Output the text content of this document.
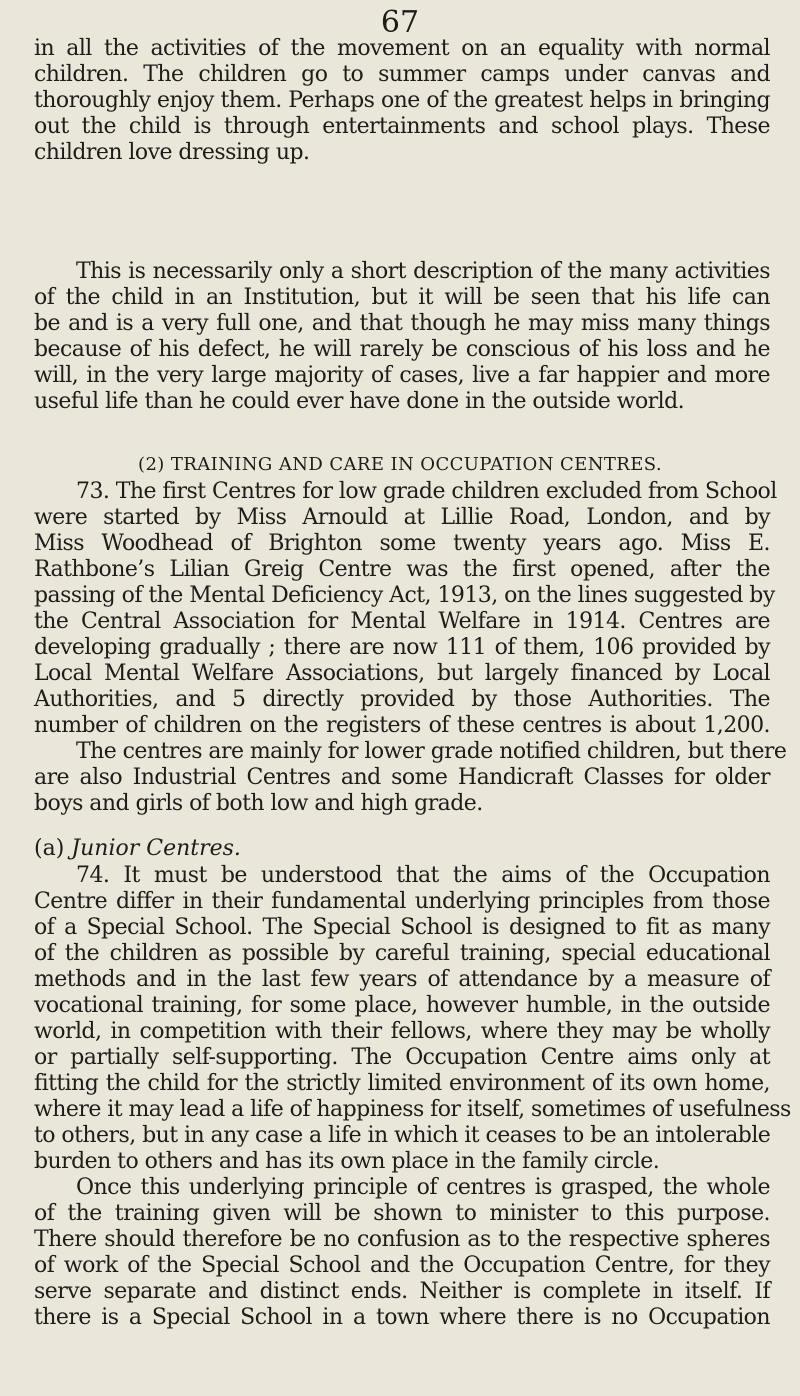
67
in all the activities of the movement on an equality with normal
children. The children go to summer camps under canvas and
thoroughly enjoy them. Perhaps one of the greatest helps in bringing
out the child is through entertainments and school plays. These
children love dressing up.
This is necessarily only a short description of the many activities
of the child in an Institution, but it will be seen that his life can
be and is a very full one, and that though he may miss many things
because of his defect, he will rarely be conscious of his loss and he
will, in the very large majority of cases, live a far happier and more
useful life than he could ever have done in the outside world.
(2) TRAINING AND CARE IN OCCUPATION CENTRES.
73. The first Centres for low grade children excluded from School
were started by Miss Arnould at Lillie Road, London, and by
Miss Woodhead of Brighton some twenty years ago. Miss E.
Rathbone’s Lilian Greig Centre was the first opened, after the
passing of the Mental Deficiency Act, 1913, on the lines suggested by
the Central Association for Mental Welfare in 1914. Centres are
developing gradually ; there are now 111 of them, 106 provided by
Local Mental Welfare Associations, but largely financed by Local
Authorities, and 5 directly provided by those Authorities. The
number of children on the registers of these centres is about 1,200.
The centres are mainly for lower grade notified children, but there
are also Industrial Centres and some Handicraft Classes for older
boys and girls of both low and high grade.
(a) Junior Centres.
74. It must be understood that the aims of the Occupation
Centre differ in their fundamental underlying principles from those
of a Special School. The Special School is designed to fit as many
of the children as possible by careful training, special educational
methods and in the last few years of attendance by a measure of
vocational training, for some place, however humble, in the outside
world, in competition with their fellows, where they may be wholly
or partially self-supporting. The Occupation Centre aims only at
fitting the child for the strictly limited environment of its own home,
where it may lead a life of happiness for itself, sometimes of usefulness
to others, but in any case a life in which it ceases to be an intolerable
burden to others and has its own place in the family circle.
Once this underlying principle of centres is grasped, the whole
of the training given will be shown to minister to this purpose.
There should therefore be no confusion as to the respective spheres
of work of the Special School and the Occupation Centre, for they
serve separate and distinct ends. Neither is complete in itself. If
there is a Special School in a town where there is no Occupation
